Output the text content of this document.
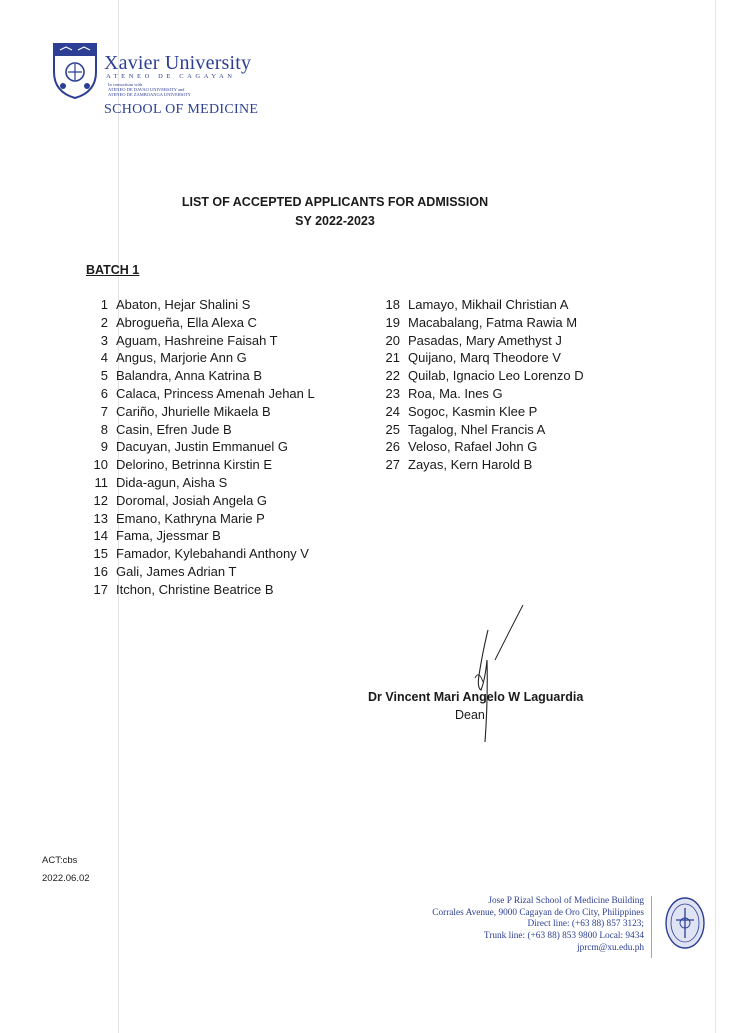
Xavier University
ATENEO DE CAGAYAN
In consortium with
ATENEO DE DAVAO UNIVERSITY and
ATENEO DE ZAMBOANGA UNIVERSITY
SCHOOL OF MEDICINE
LIST OF ACCEPTED APPLICANTS FOR ADMISSION
SY 2022-2023
BATCH 1
1 Abaton, Hejar Shalini S
2 Abrogueña, Ella Alexa C
3 Aguam, Hashreine Faisah T
4 Angus, Marjorie Ann G
5 Balandra, Anna Katrina B
6 Calaca, Princess Amenah Jehan L
7 Cariño, Jhurielle Mikaela B
8 Casin, Efren Jude B
9 Dacuyan, Justin Emmanuel G
10 Delorino, Betrinna Kirstin E
11 Dida-agun, Aisha S
12 Doromal, Josiah Angela G
13 Emano, Kathryna Marie P
14 Fama, Jjessmar B
15 Famador, Kylebahandi Anthony V
16 Gali, James Adrian T
17 Itchon, Christine Beatrice B
18 Lamayo, Mikhail Christian A
19 Macabalang, Fatma Rawia M
20 Pasadas, Mary Amethyst J
21 Quijano, Marq Theodore V
22 Quilab, Ignacio Leo Lorenzo D
23 Roa, Ma. Ines G
24 Sogoc, Kasmin Klee P
25 Tagalog, Nhel Francis A
26 Veloso, Rafael John G
27 Zayas, Kern Harold B
Dr Vincent Mari Angelo W Laguardia
Dean
ACT:cbs
2022.06.02
Jose P Rizal School of Medicine Building
Corrales Avenue, 9000 Cagayan de Oro City, Philippines
Direct line: (+63 88) 857 3123;
Trunk line: (+63 88) 853 9800 Local: 9434
jprcm@xu.edu.ph
